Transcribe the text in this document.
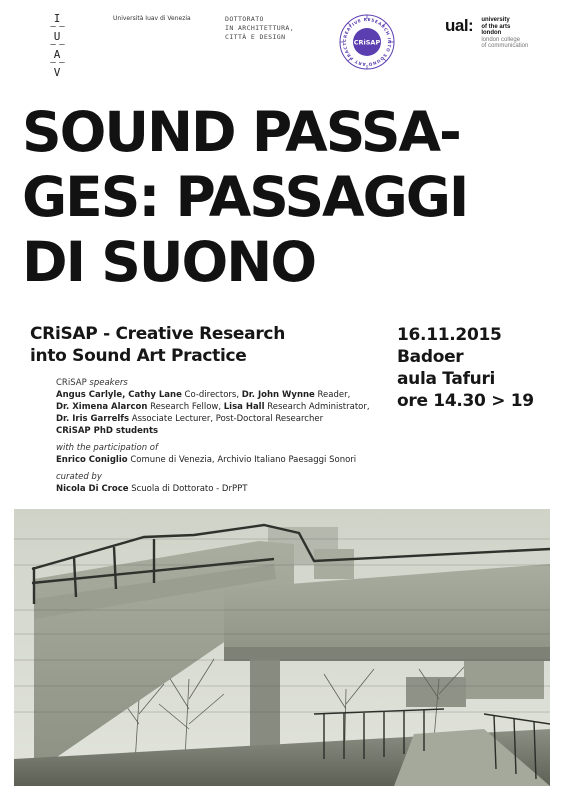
I
– –
U
– –
A
– –
V
Università Iuav di Venezia	DOTTORATO
IN ARCHITETTURA,
CITTÀ E DESIGN	CREATIVE RESEARCH INTO SOUND ART PRACT	CRiSAP
ual: university
of the arts
london
london college
of communication
SOUND PASSA-
GES: PASSAGGI
DI SUONO
CRiSAP - Creative Research
into Sound Art Practice
16.11.2015
Badoer
aula Tafuri
ore 14.30 > 19
CRiSAP speakers
Angus Carlyle, Cathy Lane Co-directors, Dr. John Wynne Reader,
Dr. Ximena Alarcon Research Fellow, Lisa Hall Research Administrator,
Dr. Iris Garrelfs Associate Lecturer, Post-Doctoral Researcher
CRiSAP PhD students
with the participation of
Enrico Coniglio Comune di Venezia, Archivio Italiano Paesaggi Sonori
curated by
Nicola Di Croce Scuola di Dottorato - DrPPT
